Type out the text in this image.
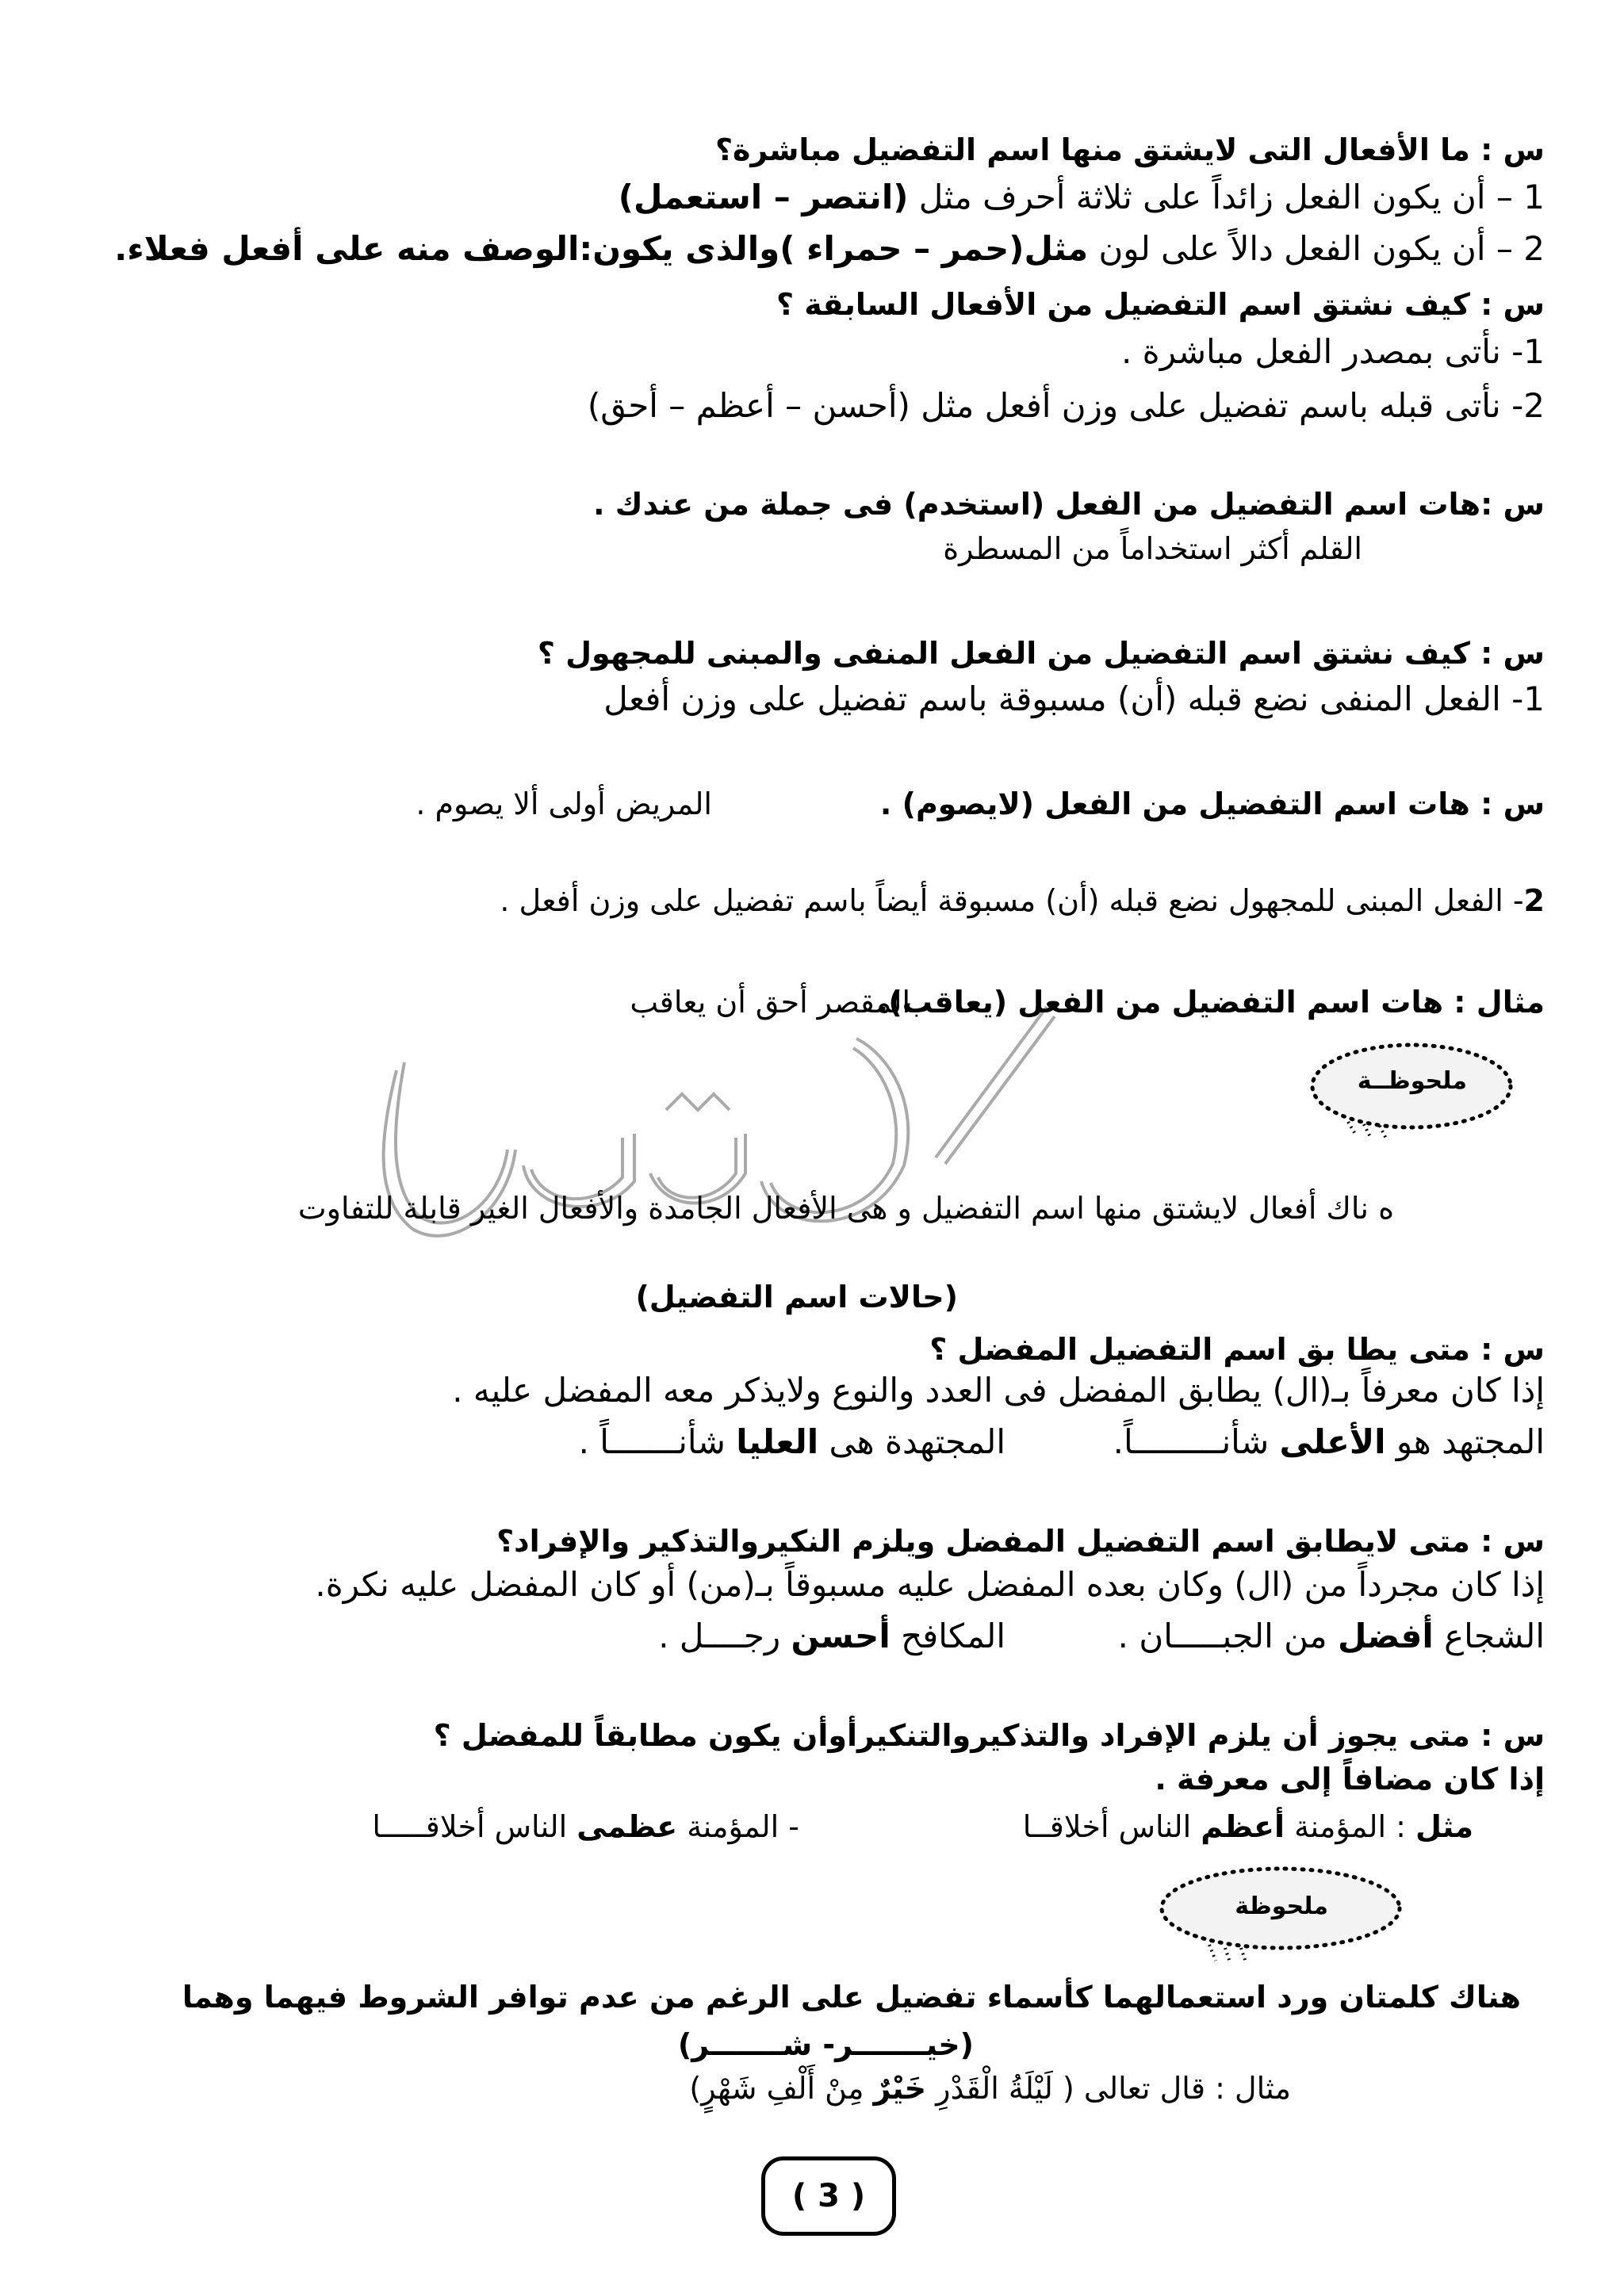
س : ما الأفعال التى لايشتق منها اسم التفضيل مباشرة؟
1 – أن يكون الفعل زائداً على ثلاثة أحرف مثل (انتصر – استعمل)
2 – أن يكون الفعل دالاً على لون مثل(حمر – حمراء )والذى يكون:الوصف منه على أفعل فعلاء.
س : كيف نشتق اسم التفضيل من الأفعال السابقة ؟
1- نأتى بمصدر الفعل مباشرة .
2- نأتى قبله باسم تفضيل على وزن أفعل مثل (أحسن – أعظم – أحق)
س :هات اسم التفضيل من الفعل (استخدم) فى جملة من عندك .
القلم أكثر استخداماً من المسطرة
س : كيف نشتق اسم التفضيل من الفعل المنفى والمبنى للمجهول ؟
1- الفعل المنفى نضع قبله (أن) مسبوقة باسم تفضيل على وزن أفعل
س : هات اسم التفضيل من الفعل (لايصوم) .
المريض أولى ألا يصوم .
2- الفعل المبنى للمجهول نضع قبله (أن) مسبوقة أيضاً باسم تفضيل على وزن أفعل .
مثال : هات اسم التفضيل من الفعل (يعاقب).
المقصر أحق أن يعاقب
ملحوظــة
ه ناك أفعال لايشتق منها اسم التفضيل و هى الأفعال الجامدة والأفعال الغير قابلة للتفاوت
(حالات اسم التفضيل)
س : متى يطا بق اسم التفضيل المفضل ؟
إذا كان معرفاً بـ(ال) يطابق المفضل فى العدد والنوع ولايذكر معه المفضل عليه .
المجتهد هو الأعلى شأنـــــــــاً.
المجتهدة هى العليا شأنـــــــاً .
س : متى لايطابق اسم التفضيل المفضل ويلزم النكيروالتذكير والإفراد؟
إذا كان مجرداً من (ال) وكان بعده المفضل عليه مسبوقاً بـ(من) أو كان المفضل عليه نكرة.
الشجاع أفضل من الجبـــــان .
المكافح أحسن رجــــل .
س : متى يجوز أن يلزم الإفراد والتذكيروالتنكيرأوأن يكون مطابقاً للمفضل ؟
إذا كان مضافاً إلى معرفة .
مثل : المؤمنة أعظم الناس أخلاقــا
- المؤمنة عظمى الناس أخلاقـــــا
ملحوظة
هناك كلمتان ورد استعمالهما كأسماء تفضيل على الرغم من عدم توافر الشروط فيهما وهما
(خيـــــــر- شـــــــر)
مثال : قال تعالى ( لَيْلَةُ الْقَدْرِ خَيْرٌ مِنْ أَلْفِ شَهْرٍ)
( 3 )
